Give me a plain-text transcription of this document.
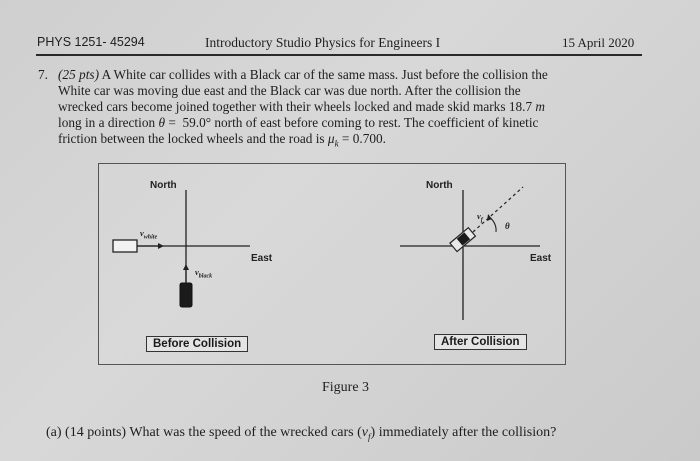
PHYS 1251- 45294	Introductory Studio Physics for Engineers I	15 April 2020
7. (25 pts) A White car collides with a Black car of the same mass. Just before the collision the

White car was moving due east and the Black car was due north. After the collision the

wrecked cars become joined together with their wheels locked and made skid marks 18.7 m

long in a direction θ =  59.0° north of east before coming to rest. The coefficient of kinetic

friction between the locked wheels and the road is $\mu_k = 0.700$.

North
East
$v_{white}$
$v_{black}$
Before Collision
North
East
$v_f$
θ
After Collision
Figure 3
(a) (14 points) What was the speed of the wrecked cars $(v_f)$ immediately after the collision?
